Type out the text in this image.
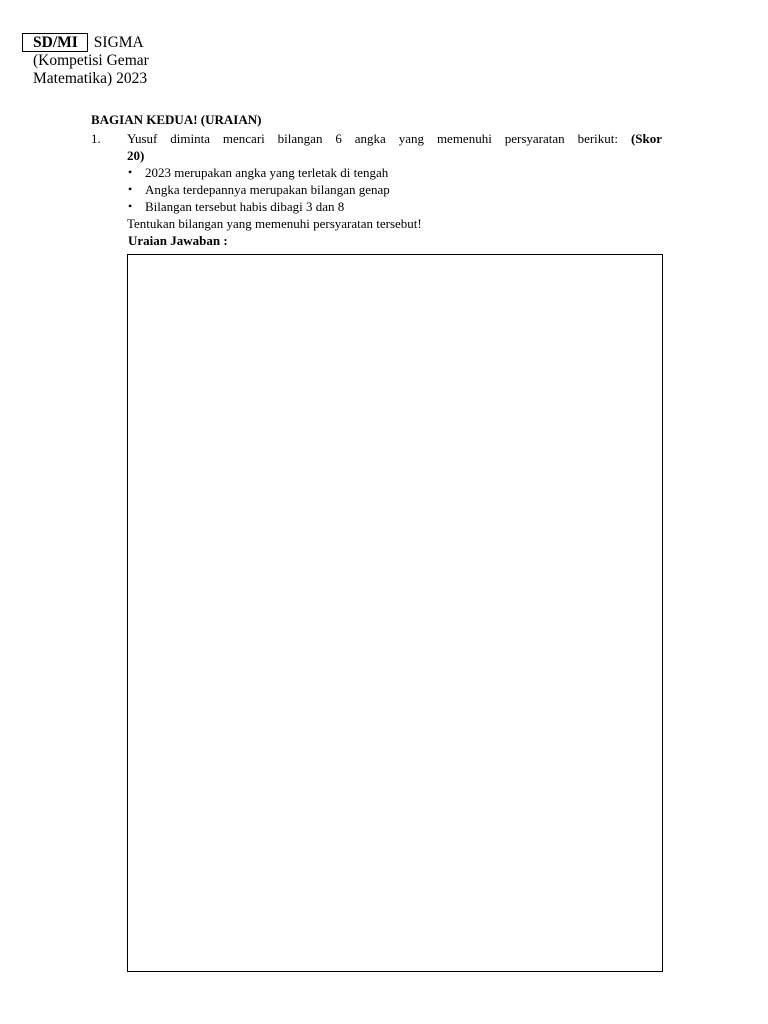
SD/MI SIGMA
(Kompetisi Gemar
Matematika) 2023
BAGIAN KEDUA! (URAIAN)
1. Yusuf diminta mencari bilangan 6 angka yang memenuhi persyaratan berikut: (Skor
20)
• 2023 merupakan angka yang terletak di tengah
• Angka terdepannya merupakan bilangan genap
• Bilangan tersebut habis dibagi 3 dan 8
Tentukan bilangan yang memenuhi persyaratan tersebut!
Uraian Jawaban :
